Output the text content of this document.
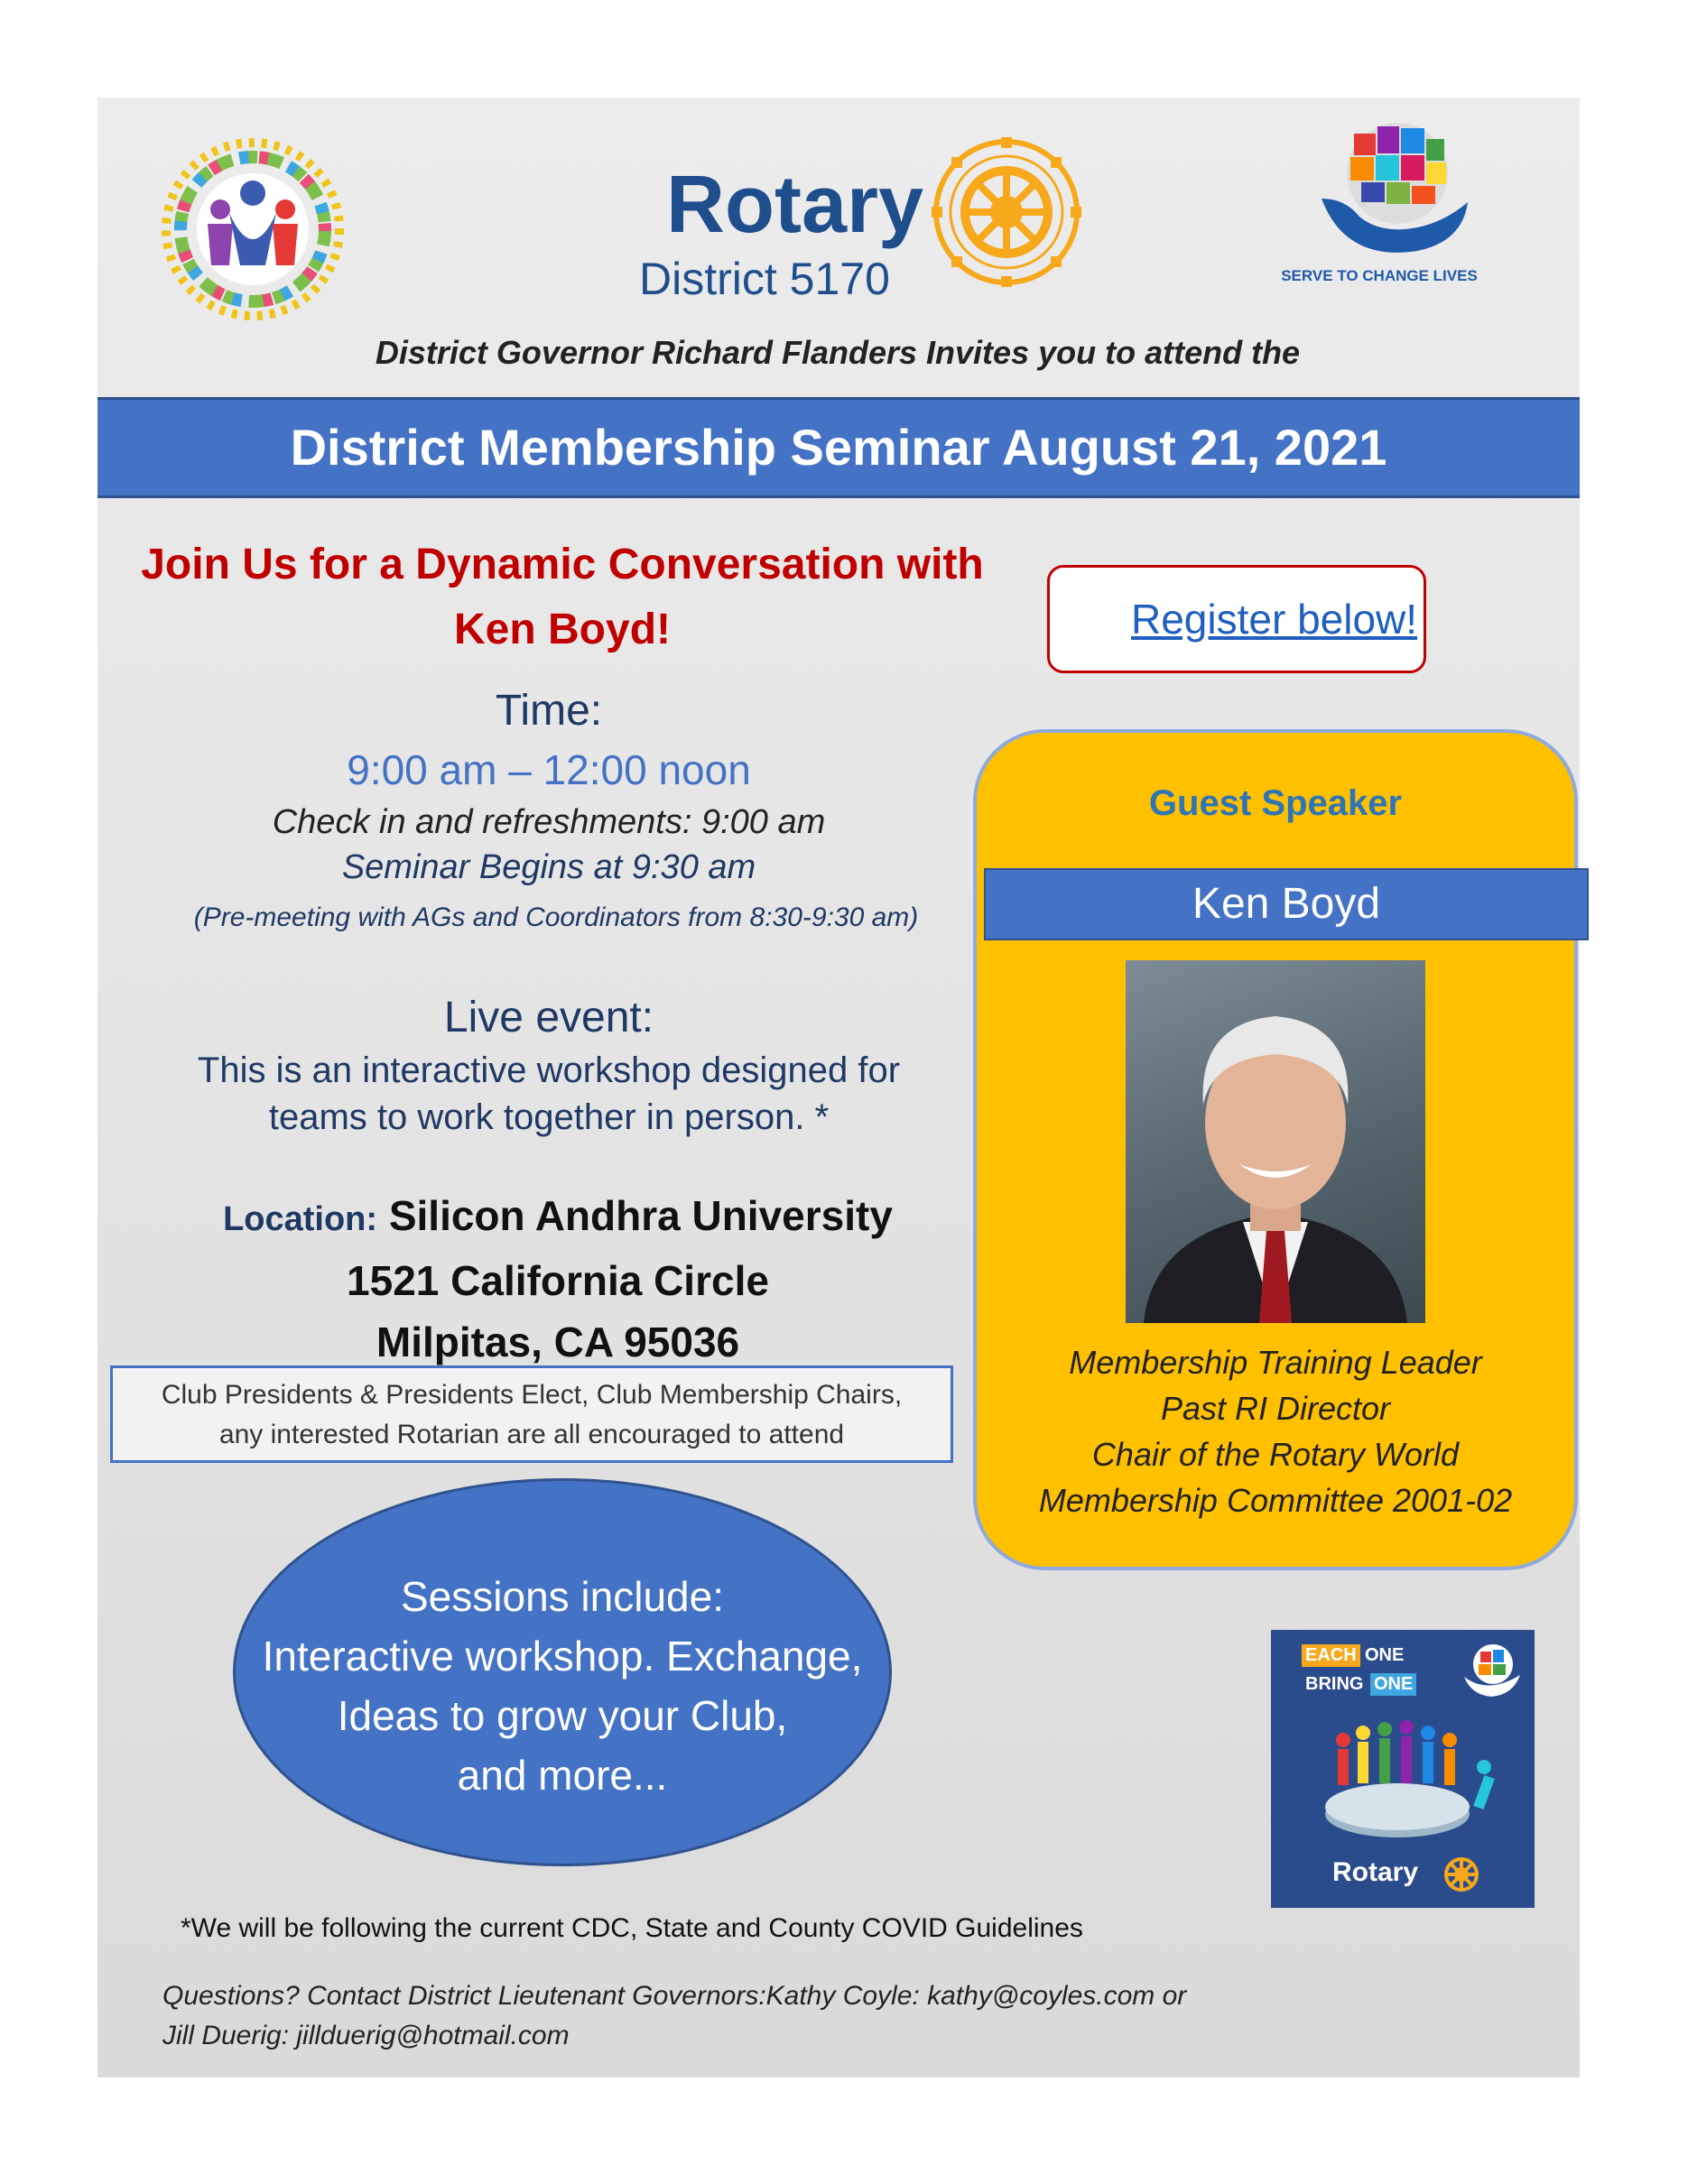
Rotary
District 5170	SERVE TO CHANGE LIVES
District Governor Richard Flanders Invites you to attend the
District Membership Seminar August 21, 2021
Join Us for a Dynamic Conversation with
Ken Boyd!	Register below!
Time:
9:00 am – 12:00 noon
Check in and refreshments: 9:00 am
Seminar Begins at 9:30 am
(Pre-meeting with AGs and Coordinators from 8:30-9:30 am)
Live event:
This is an interactive workshop designed for
teams to work together in person. *
Location: Silicon Andhra University
1521 California Circle
Milpitas, CA 95036
Club Presidents & Presidents Elect, Club Membership Chairs,
any interested Rotarian are all encouraged to attend
Sessions include:
Interactive workshop. Exchange,
Ideas to grow your Club,
and more...
Guest Speaker
Ken Boyd
Membership Training Leader
Past RI Director
Chair of the Rotary World
Membership Committee 2001-02
EACH ONE
BRING ONE
Rotary
*We will be following the current CDC, State and County COVID Guidelines
Questions? Contact District Lieutenant Governors:Kathy Coyle: kathy@coyles.com or
Jill Duerig: jillduerig@hotmail.com
